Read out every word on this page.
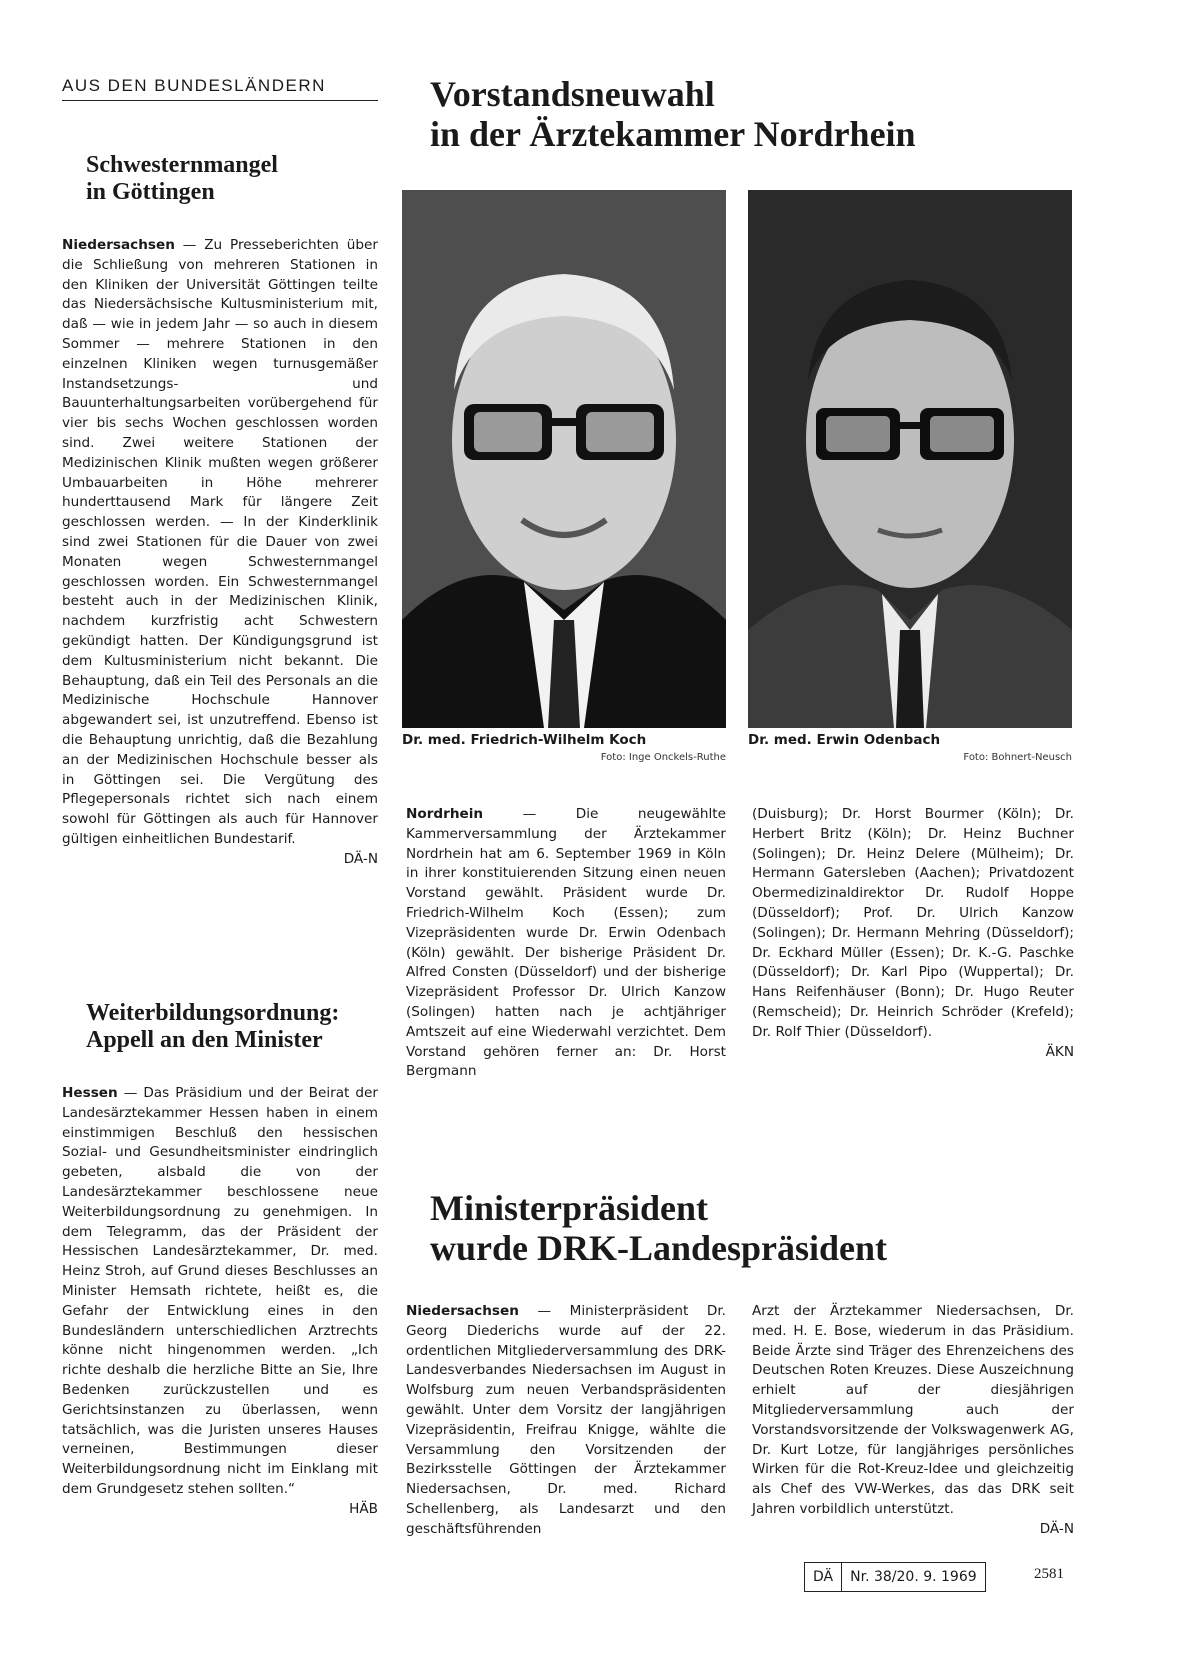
AUS DEN BUNDESLÄNDERN
Schwesternmangel
in Göttingen

Niedersachsen — Zu Presseberichten über die Schließung von mehreren Stationen in den Kliniken der Universität Göttingen teilte das Niedersächsische Kultusministerium mit, daß — wie in jedem Jahr — so auch in diesem Sommer — mehrere Stationen in den einzelnen Kliniken wegen turnusgemäßer Instandsetzungs- und Bauunterhaltungsarbeiten vorübergehend für vier bis sechs Wochen geschlossen worden sind. Zwei weitere Stationen der Medizinischen Klinik mußten wegen größerer Umbauarbeiten in Höhe mehrerer hunderttausend Mark für längere Zeit geschlossen werden. — In der Kinderklinik sind zwei Stationen für die Dauer von zwei Monaten wegen Schwesternmangel geschlossen worden. Ein Schwesternmangel besteht auch in der Medizinischen Klinik, nachdem kurzfristig acht Schwestern gekündigt hatten. Der Kündigungsgrund ist dem Kultusministerium nicht bekannt. Die Behauptung, daß ein Teil des Personals an die Medizinische Hochschule Hannover abgewandert sei, ist unzutreffend. Ebenso ist die Behauptung unrichtig, daß die Bezahlung an der Medizinischen Hochschule besser als in Göttingen sei. Die Vergütung des Pflegepersonals richtet sich nach einem sowohl für Göttingen als auch für Hannover gültigen einheitlichen Bundestarif.
DÄ-N

Weiterbildungsordnung:
Appell an den Minister

Hessen — Das Präsidium und der Beirat der Landesärztekammer Hessen haben in einem einstimmigen Beschluß den hessischen Sozial- und Gesundheitsminister eindringlich gebeten, alsbald die von der Landesärztekammer beschlossene neue Weiterbildungsordnung zu genehmigen. In dem Telegramm, das der Präsident der Hessischen Landesärztekammer, Dr. med. Heinz Stroh, auf Grund dieses Beschlusses an Minister Hemsath richtete, heißt es, die Gefahr der Entwicklung eines in den Bundesländern unterschiedlichen Arztrechts könne nicht hingenommen werden. „Ich richte deshalb die herzliche Bitte an Sie, Ihre Bedenken zurückzustellen und es Gerichtsinstanzen zu überlassen, wenn tatsächlich, was die Juristen unseres Hauses verneinen, Bestimmungen dieser Weiterbildungsordnung nicht im Einklang mit dem Grundgesetz stehen sollten.“
HÄB

Vorstandsneuwahl
in der Ärztekammer Nordrhein
Dr. med. Friedrich-Wilhelm Koch
Foto: Inge Onckels-Ruthe
Dr. med. Erwin Odenbach
Foto: Bohnert-Neusch

Nordrhein — Die neugewählte Kammerversammlung der Ärztekammer Nordrhein hat am 6. September 1969 in Köln in ihrer konstituierenden Sitzung einen neuen Vorstand gewählt. Präsident wurde Dr. Friedrich-Wilhelm Koch (Essen); zum Vizepräsidenten wurde Dr. Erwin Odenbach (Köln) gewählt. Der bisherige Präsident Dr. Alfred Consten (Düsseldorf) und der bisherige Vizepräsident Professor Dr. Ulrich Kanzow (Solingen) hatten nach je achtjähriger Amtszeit auf eine Wiederwahl verzichtet. Dem Vorstand gehören ferner an: Dr. Horst Bergmann

(Duisburg); Dr. Horst Bourmer (Köln); Dr. Herbert Britz (Köln); Dr. Heinz Buchner (Solingen); Dr. Heinz Delere (Mülheim); Dr. Hermann Gatersleben (Aachen); Privatdozent Obermedizinaldirektor Dr. Rudolf Hoppe (Düsseldorf); Prof. Dr. Ulrich Kanzow (Solingen); Dr. Hermann Mehring (Düsseldorf); Dr. Eckhard Müller (Essen); Dr. K.-G. Paschke (Düsseldorf); Dr. Karl Pipo (Wuppertal); Dr. Hans Reifenhäuser (Bonn); Dr. Hugo Reuter (Remscheid); Dr. Heinrich Schröder (Krefeld); Dr. Rolf Thier (Düsseldorf).
ÄKN

Ministerpräsident
wurde DRK-Landespräsident

Niedersachsen — Ministerpräsident Dr. Georg Diederichs wurde auf der 22. ordentlichen Mitgliederversammlung des DRK-Landesverbandes Niedersachsen im August in Wolfsburg zum neuen Verbandspräsidenten gewählt. Unter dem Vorsitz der langjährigen Vizepräsidentin, Freifrau Knigge, wählte die Versammlung den Vorsitzenden der Bezirksstelle Göttingen der Ärztekammer Niedersachsen, Dr. med. Richard Schellenberg, als Landesarzt und den geschäftsführenden

Arzt der Ärztekammer Niedersachsen, Dr. med. H. E. Bose, wiederum in das Präsidium. Beide Ärzte sind Träger des Ehrenzeichens des Deutschen Roten Kreuzes. Diese Auszeichnung erhielt auf der diesjährigen Mitgliederversammlung auch der Vorstandsvorsitzende der Volkswagenwerk AG, Dr. Kurt Lotze, für langjähriges persönliches Wirken für die Rot-Kreuz-Idee und gleichzeitig als Chef des VW-Werkes, das das DRK seit Jahren vorbildlich unterstützt.
DÄ-N

DÄ	Nr. 38/20. 9. 1969	2581
